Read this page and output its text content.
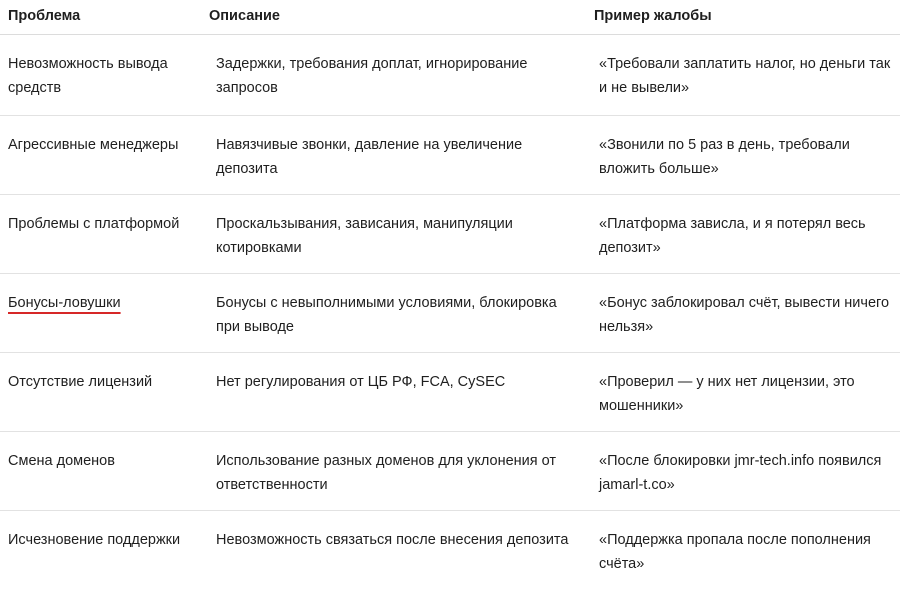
Проблема	Описание	Пример жалобы
Невозможность вывода средств	Задержки, требования доплат, игнорирование запросов	«Требовали заплатить налог, но деньги так и не вывели»
Агрессивные менеджеры	Навязчивые звонки, давление на увеличение депозита	«Звонили по 5 раз в день, требовали вложить больше»
Проблемы с платформой	Проскальзывания, зависания, манипуляции котировками	«Платформа зависла, и я потерял весь депозит»
Бонусы-ловушки	Бонусы с невыполнимыми условиями, блокировка при выводе	«Бонус заблокировал счёт, вывести ничего нельзя»
Отсутствие лицензий	Нет регулирования от ЦБ РФ, FCA, CySEC	«Проверил — у них нет лицензии, это мошенники»
Смена доменов	Использование разных доменов для уклонения от ответственности	«После блокировки jmr-tech.info появился jamarl-t.co»
Исчезновение поддержки	Невозможность связаться после внесения депозита	«Поддержка пропала после пополнения счёта»
